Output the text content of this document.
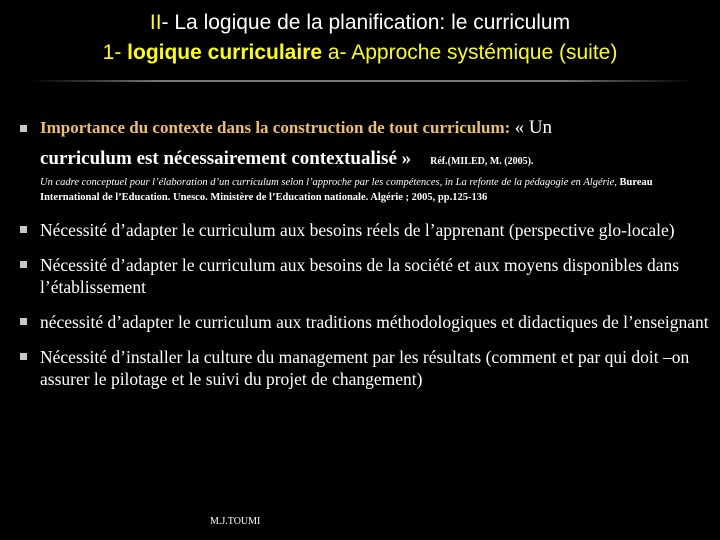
II- La logique de la planification: le curriculum
1- logique curriculaire a- Approche systémique (suite)
Importance du contexte dans la construction de tout curriculum: « Un
curriculum est nécessairement contextualisé » Réf.(MILED, M. (2005).
Un cadre conceptuel pour l’élaboration d’un curriculum selon l’approche par les compétences, in La refonte de la pédagogie en Algérie, Bureau International de l’Education. Unesco. Ministère de l’Education nationale. Algérie ; 2005, pp.125-136
Nécessité d’adapter le curriculum aux besoins réels de l’apprenant (perspective glo-locale)
Nécessité d’adapter le curriculum aux besoins de la société et aux moyens disponibles dans l’établissement
nécessité d’adapter le curriculum aux traditions méthodologiques et didactiques de l’enseignant
Nécessité d’installer la culture du management par les résultats (comment et par qui doit –on assurer le pilotage et le suivi du projet de changement)
M.J.TOUMI
